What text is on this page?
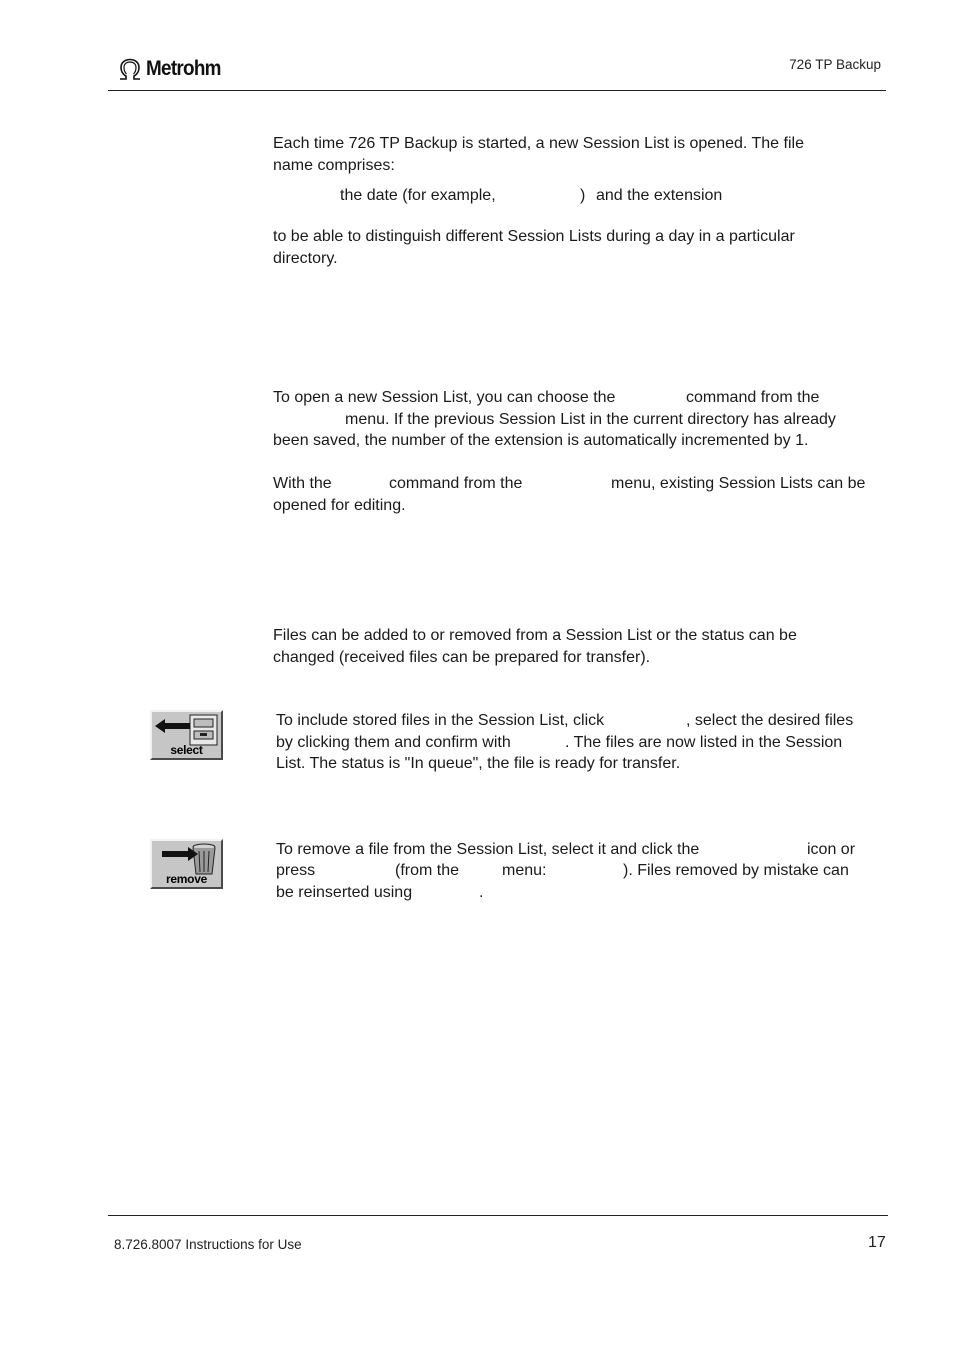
Metrohm	726 TP Backup
Each time 726 TP Backup is started, a new Session List is opened. The file
name comprises:
the date (for example,	) and the extension
to be able to distinguish different Session Lists during a day in a particular
directory.
To open a new Session List, you can choose the	command from the
menu. If the previous Session List in the current directory has already
been saved, the number of the extension is automatically incremented by 1.
With the	command from the	menu, existing Session Lists can be
opened for editing.
Files can be added to or removed from a Session List or the status can be
changed (received files can be prepared for transfer).
select
To include stored files in the Session List, click	, select the desired files
by clicking them and confirm with	. The files are now listed in the Session
List. The status is "In queue", the file is ready for transfer.
remove
To remove a file from the Session List, select it and click the	icon or
press	(from the	menu:	). Files removed by mistake can
be reinserted using	.
8.726.8007 Instructions for Use	17
